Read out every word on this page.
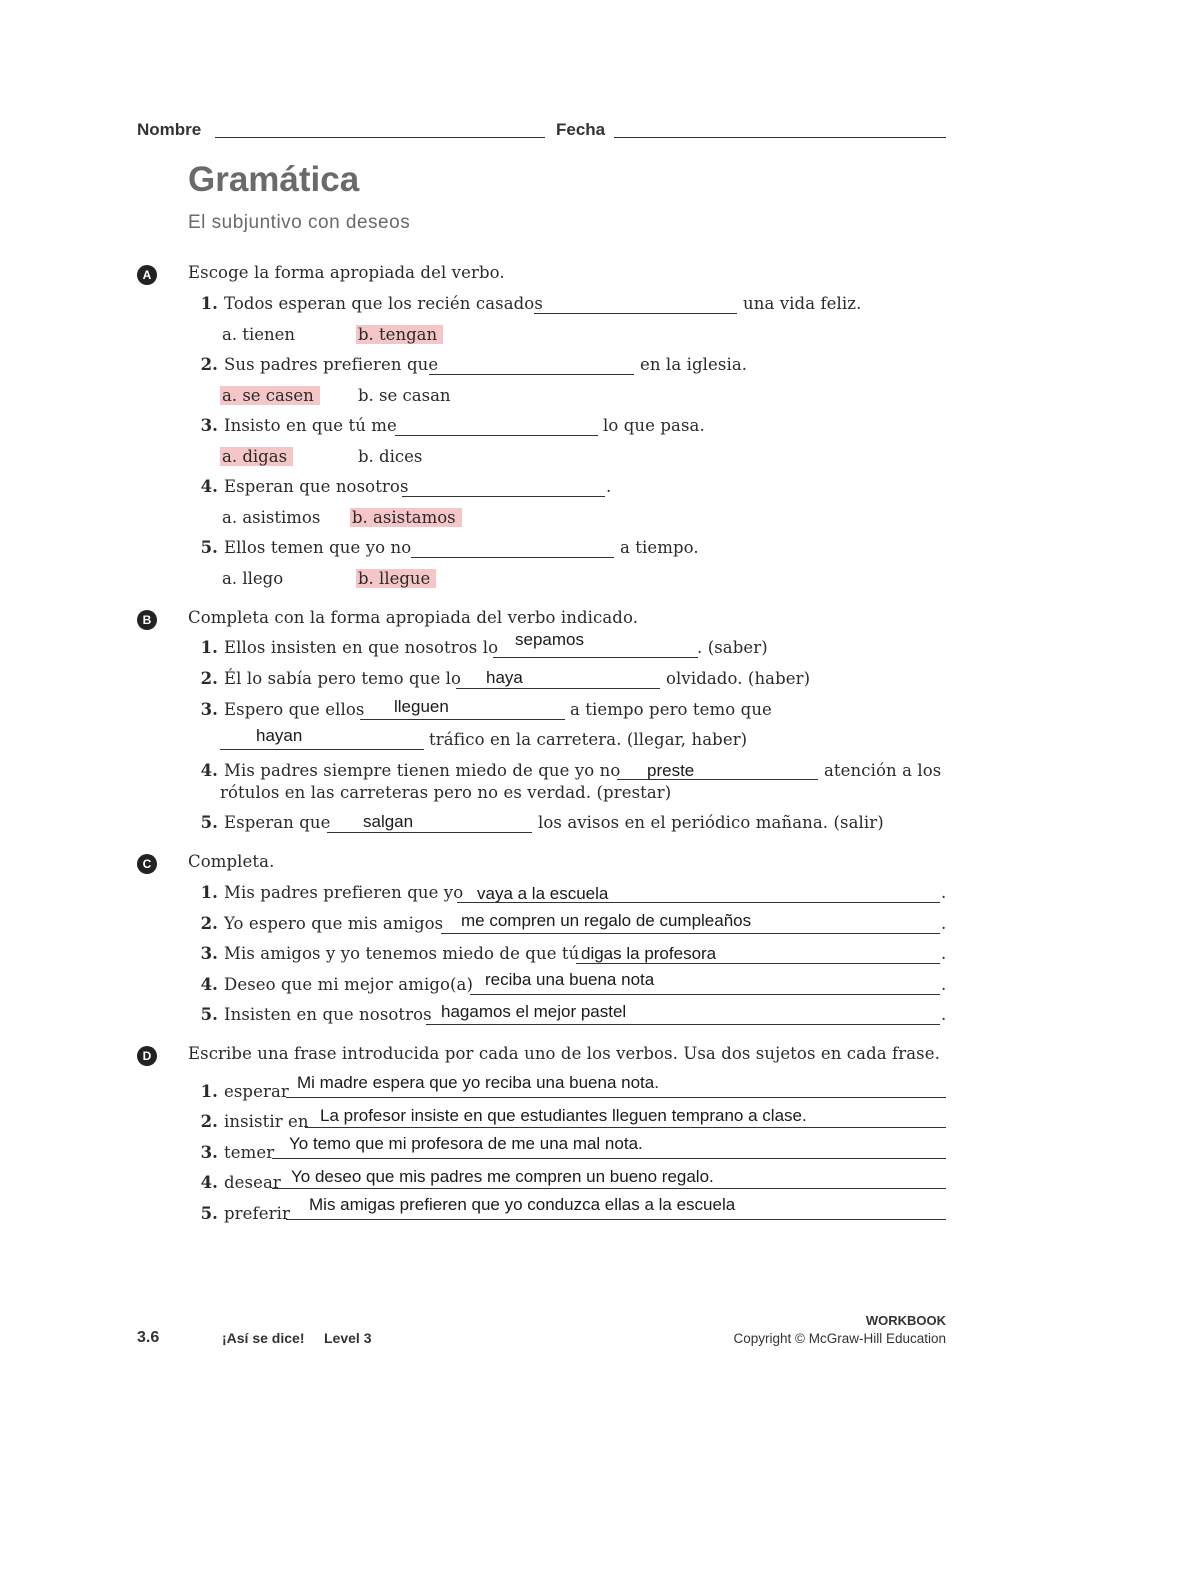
Nombre	Fecha
Gramática
El subjuntivo con deseos
A	Escoge la forma apropiada del verbo.
1. Todos esperan que los recién casados	una vida feliz.
a. tienen	b. tengan
2. Sus padres prefieren que	en la iglesia.
a. se casen	b. se casan
3. Insisto en que tú me	lo que pasa.
a. digas	b. dices
4. Esperan que nosotros	.
a. asistimos b. asistamos
5. Ellos temen que yo no	a tiempo.
a. llego	b. llegue
B	Completa con la forma apropiada del verbo indicado.
1. Ellos insisten en que nosotros lo sepamos	. (saber)
2. Él lo sabía pero temo que lo haya	olvidado. (haber)
3. Espero que ellos lleguen	a tiempo pero temo que
hayan	tráfico en la carretera. (llegar, haber)
4. Mis padres siempre tienen miedo de que yo no preste	atención a los
rótulos en las carreteras pero no es verdad. (prestar)
5. Esperan que salgan	los avisos en el periódico mañana. (salir)
C	Completa.
1. Mis padres prefieren que yo vaya a la escuela	.
2. Yo espero que mis amigos me compren un regalo de cumpleaños	.
3. Mis amigos y yo tenemos miedo de que tú digas la profesora	.
4. Deseo que mi mejor amigo(a) reciba una buena nota	.
5. Insisten en que nosotros hagamos el mejor pastel	.
D	Escribe una frase introducida por cada uno de los verbos. Usa dos sujetos en cada frase.
1. esperar Mi madre espera que yo reciba una buena nota.
2. insistir en La profesor insiste en que estudiantes lleguen temprano a clase.
3. temer Yo temo que mi profesora de me una mal nota.
4. desear Yo deseo que mis padres me compren un bueno regalo.
5. preferir Mis amigas prefieren que yo conduzca ellas a la escuela
3.6	¡Así se dice! Level 3
WORKBOOK
Copyright © McGraw-Hill Education
